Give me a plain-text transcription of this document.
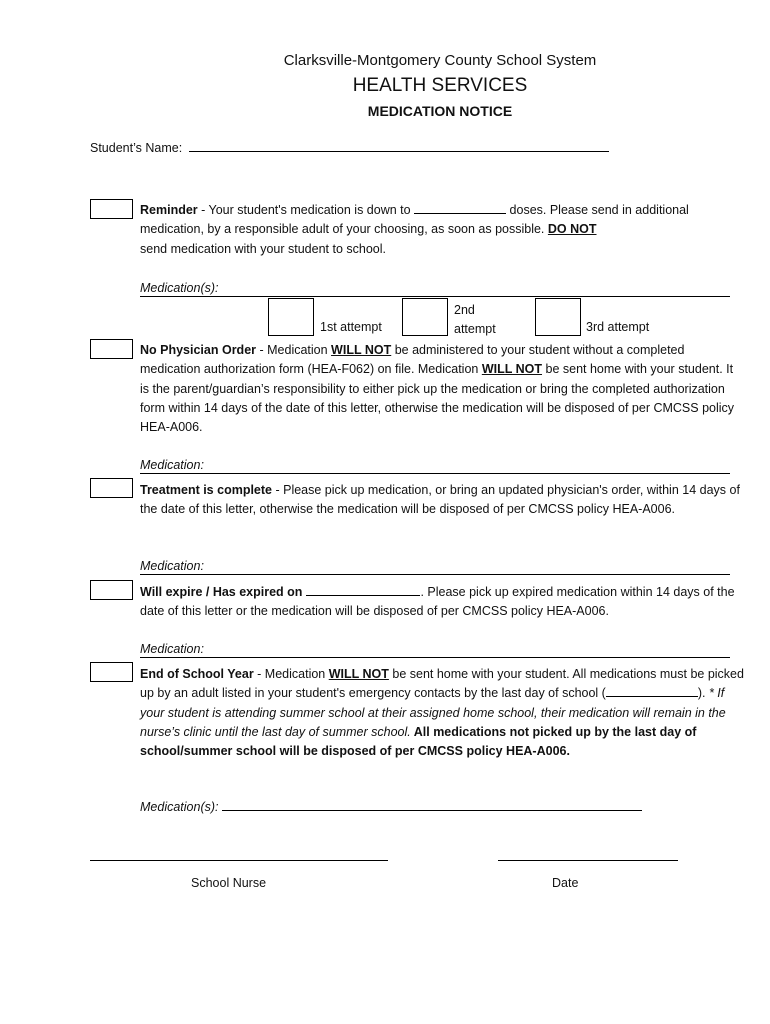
Clarksville-Montgomery County School System
HEALTH SERVICES
MEDICATION NOTICE
Student’s Name:
Reminder - Your student's medication is down to	doses. Please send in additional medication, by a responsible adult of your choosing, as soon as possible. DO NOT
send medication with your student to school.
Medication(s):
1st attempt
2nd
attempt	3rd attempt
No Physician Order - Medication WILL NOT be administered to your student without a completed medication authorization form (HEA-F062) on file. Medication WILL NOT be sent home with your student. It is the parent/guardian’s responsibility to either pick up the medication or bring the completed authorization form within 14 days of the date of this letter, otherwise the medication will be disposed of per CMCSS policy HEA-A006.
Medication:
Treatment is complete - Please pick up medication, or bring an updated physician's order, within 14 days of the date of this letter, otherwise the medication will be disposed of per CMCSS policy HEA-A006.
Medication:
Will expire / Has expired on	. Please pick up expired medication within 14 days of the date of this letter or the medication will be disposed of per CMCSS policy HEA-A006.
Medication:
End of School Year - Medication WILL NOT be sent home with your student. All medications must be picked up by an adult listed in your student's emergency contacts by the last day of school (	). * If your student is attending summer school at their assigned home school, their medication will remain in the nurse’s clinic until the last day of summer school. All medications not picked up by the last day of school/summer school will be disposed of per CMCSS policy HEA-A006.
Medication(s):
School Nurse	Date
